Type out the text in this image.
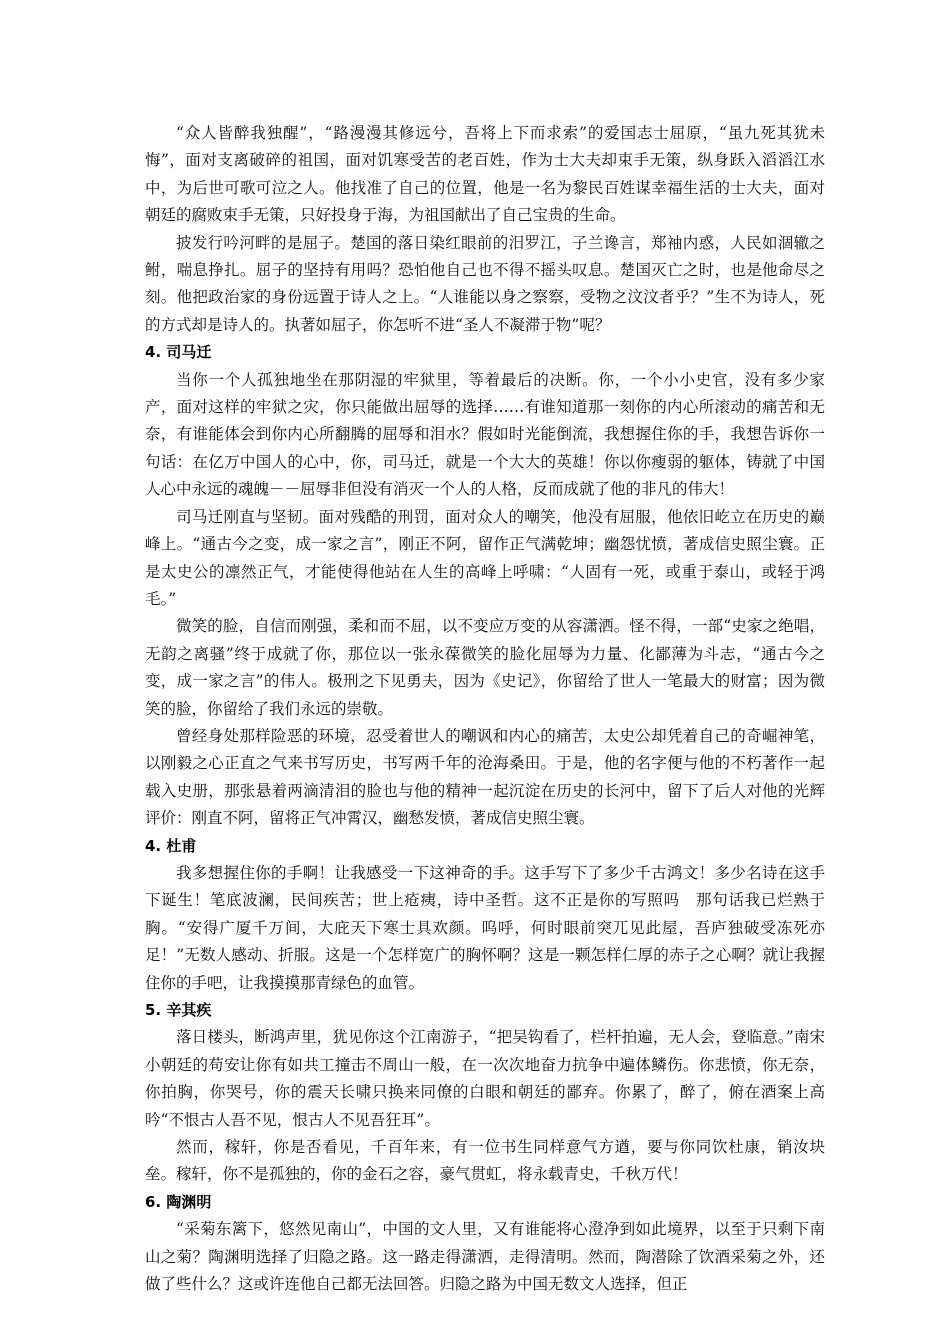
“众人皆醉我独醒”，“路漫漫其修远兮，吾将上下而求索”的爱国志士屈原，“虽九死其犹未悔”，面对支离破碎的祖国，面对饥寒受苦的老百姓，作为士大夫却束手无策，纵身跃入滔滔江水中，为后世可歌可泣之人。他找准了自己的位置，他是一名为黎民百姓谋幸福生活的士大夫，面对朝廷的腐败束手无策，只好投身于海，为祖国献出了自己宝贵的生命。

披发行吟河畔的是屈子。楚国的落日染红眼前的汨罗江，子兰谗言，郑袖内惑，人民如涸辙之鲋，喘息挣扎。屈子的坚持有用吗？恐怕他自己也不得不摇头叹息。楚国灭亡之时，也是他命尽之刻。他把政治家的身份远置于诗人之上。“人谁能以身之察察，受物之汶汶者乎？”生不为诗人，死的方式却是诗人的。执著如屈子，你怎听不进“圣人不凝滞于物”呢？

4. 司马迁

当你一个人孤独地坐在那阴湿的牢狱里，等着最后的决断。你，一个小小史官，没有多少家产，面对这样的牢狱之灾，你只能做出屈辱的选择……有谁知道那一刻你的内心所滚动的痛苦和无奈，有谁能体会到你内心所翻腾的屈辱和泪水？假如时光能倒流，我想握住你的手，我想告诉你一句话：在亿万中国人的心中，你，司马迁，就是一个大大的英雄！你以你瘦弱的躯体，铸就了中国人心中永远的魂魄－－屈辱非但没有消灭一个人的人格，反而成就了他的非凡的伟大！

司马迁刚直与坚韧。面对残酷的刑罚，面对众人的嘲笑，他没有屈服，他依旧屹立在历史的巅峰上。“通古今之变，成一家之言”，刚正不阿，留作正气满乾坤；幽怨忧愤，著成信史照尘寰。正是太史公的凛然正气，才能使得他站在人生的高峰上呼啸：“人固有一死，或重于泰山，或轻于鸿毛。”

微笑的脸，自信而刚强，柔和而不屈，以不变应万变的从容潇洒。怪不得，一部“史家之绝唱，无韵之离骚”终于成就了你，那位以一张永葆微笑的脸化屈辱为力量、化鄙薄为斗志，“通古今之变，成一家之言”的伟人。极刑之下见勇夫，因为《史记》，你留给了世人一笔最大的财富；因为微笑的脸，你留给了我们永远的崇敬。

曾经身处那样险恶的环境，忍受着世人的嘲讽和内心的痛苦，太史公却凭着自己的奇崛神笔，以刚毅之心正直之气来书写历史，书写两千年的沧海桑田。于是，他的名字便与他的不朽著作一起载入史册，那张悬着两滴清泪的脸也与他的精神一起沉淀在历史的长河中，留下了后人对他的光辉评价：刚直不阿，留将正气冲霄汉，幽愁发愤，著成信史照尘寰。

4. 杜甫

我多想握住你的手啊！让我感受一下这神奇的手。这手写下了多少千古鸿文！多少名诗在这手下诞生！笔底波澜，民间疾苦；世上疮痍，诗中圣哲。这不正是你的写照吗　那句话我已烂熟于胸。“安得广厦千万间，大庇天下寒士具欢颜。呜呼，何时眼前突兀见此屋，吾庐独破受冻死亦足！”无数人感动、折服。这是一个怎样宽广的胸怀啊？这是一颗怎样仁厚的赤子之心啊？就让我握住你的手吧，让我摸摸那青绿色的血管。

5. 辛其疾

落日楼头，断鸿声里，犹见你这个江南游子，“把吴钩看了，栏杆拍遍，无人会，登临意。”南宋小朝廷的苟安让你有如共工撞击不周山一般，在一次次地奋力抗争中遍体鳞伤。你悲愤，你无奈，你拍胸，你哭号，你的震天长啸只换来同僚的白眼和朝廷的鄙弃。你累了，醉了，俯在酒案上高吟“不恨古人吾不见，恨古人不见吾狂耳”。

然而，稼轩，你是否看见，千百年来，有一位书生同样意气方遒，要与你同饮杜康，销汝块垒。稼轩，你不是孤独的，你的金石之容，豪气贯虹，将永载青史，千秋万代！

6. 陶渊明

“采菊东篱下，悠然见南山”，中国的文人里，又有谁能将心澄净到如此境界，以至于只剩下南山之菊？陶渊明选择了归隐之路。这一路走得潇洒，走得清明。然而，陶潜除了饮酒采菊之外，还做了些什么？这或许连他自己都无法回答。归隐之路为中国无数文人选择，但正
